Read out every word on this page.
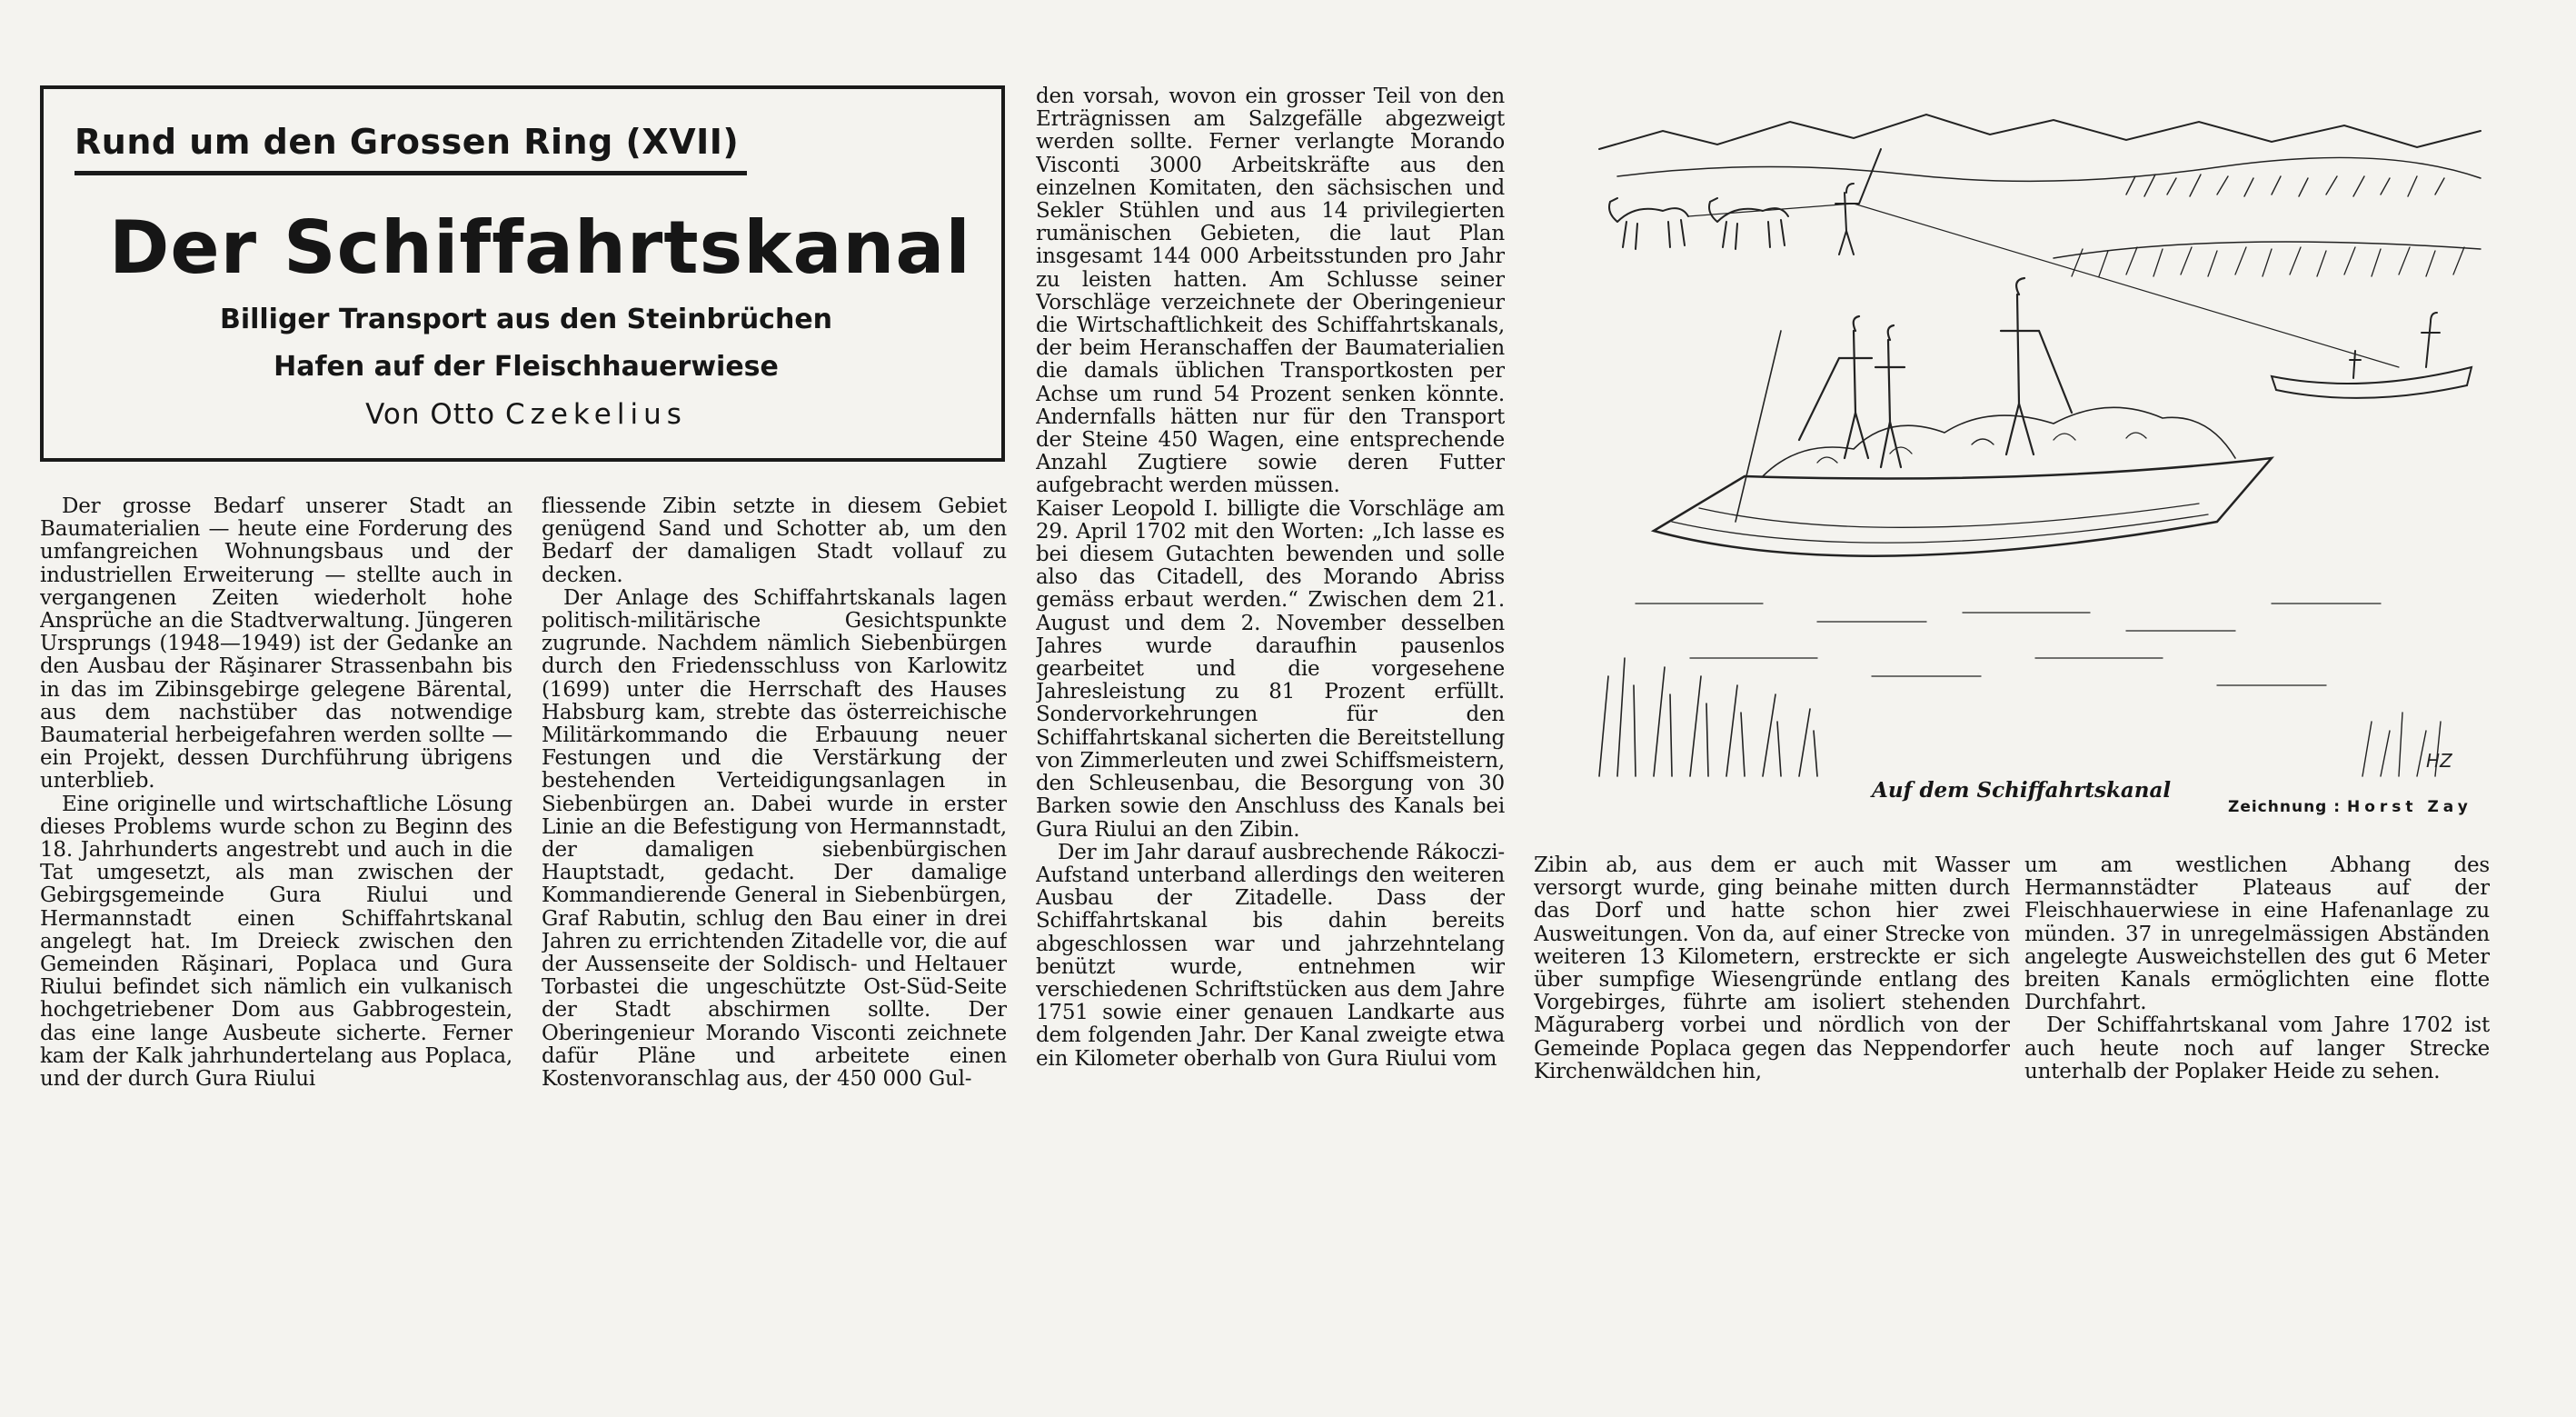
Rund um den Grossen Ring (XVII)
Der Schiffahrtskanal
Billiger Transport aus den Steinbrüchen
Hafen auf der Fleischhauerwiese
Von Otto Czekelius

Der grosse Bedarf unserer Stadt an Baumaterialien — heute eine Forderung des umfangreichen Wohnungsbaus und der industriellen Erweiterung — stellte auch in vergangenen Zeiten wiederholt hohe Ansprüche an die Stadtverwaltung. Jüngeren Ursprungs (1948—1949) ist der Gedanke an den Ausbau der Răşinarer Strassenbahn bis in das im Zibinsgebirge gelegene Bärental, aus dem nachstüber das notwendige Baumaterial herbeigefahren werden sollte — ein Projekt, dessen Durchführung übrigens unterblieb.

Eine originelle und wirtschaftliche Lösung dieses Problems wurde schon zu Beginn des 18. Jahrhunderts angestrebt und auch in die Tat umgesetzt, als man zwischen der Gebirgsgemeinde Gura Riului und Hermannstadt einen Schiffahrtskanal angelegt hat. Im Dreieck zwischen den Gemeinden Răşinari, Poplaca und Gura Riului befindet sich nämlich ein vulkanisch hochgetriebener Dom aus Gabbrogestein, das eine lange Ausbeute sicherte. Ferner kam der Kalk jahrhundertelang aus Poplaca, und der durch Gura Riului

fliessende Zibin setzte in diesem Gebiet genügend Sand und Schotter ab, um den Bedarf der damaligen Stadt vollauf zu decken.

Der Anlage des Schiffahrtskanals lagen politisch-militärische Gesichtspunkte zugrunde. Nachdem nämlich Siebenbürgen durch den Friedensschluss von Karlowitz (1699) unter die Herrschaft des Hauses Habsburg kam, strebte das österreichische Militärkommando die Erbauung neuer Festungen und die Verstärkung der bestehenden Verteidigungsanlagen in Siebenbürgen an. Dabei wurde in erster Linie an die Befestigung von Hermannstadt, der damaligen siebenbürgischen Hauptstadt, gedacht. Der damalige Kommandierende General in Siebenbürgen, Graf Rabutin, schlug den Bau einer in drei Jahren zu errichtenden Zitadelle vor, die auf der Aussenseite der Soldisch- und Heltauer Torbastei die ungeschützte Ost-Süd-Seite der Stadt abschirmen sollte. Der Oberingenieur Morando Visconti zeichnete dafür Pläne und arbeitete einen Kostenvoranschlag aus, der 450 000 Gul-

den vorsah, wovon ein grosser Teil von den Erträgnissen am Salzgefälle abgezweigt werden sollte. Ferner verlangte Morando Visconti 3000 Arbeitskräfte aus den einzelnen Komitaten, den sächsischen und Sekler Stühlen und aus 14 privilegierten rumänischen Gebieten, die laut Plan insgesamt 144 000 Arbeitsstunden pro Jahr zu leisten hatten. Am Schlusse seiner Vorschläge verzeichnete der Oberingenieur die Wirtschaftlichkeit des Schiffahrtskanals, der beim Heranschaffen der Baumaterialien die damals üblichen Transportkosten per Achse um rund 54 Prozent senken könnte. Andernfalls hätten nur für den Transport der Steine 450 Wagen, eine entsprechende Anzahl Zugtiere sowie deren Futter aufgebracht werden müssen.

Kaiser Leopold I. billigte die Vorschläge am 29. April 1702 mit den Worten: „Ich lasse es bei diesem Gutachten bewenden und solle also das Citadell, des Morando Abriss gemäss erbaut werden.“ Zwischen dem 21. August und dem 2. November desselben Jahres wurde daraufhin pausenlos gearbeitet und die vorgesehene Jahresleistung zu 81 Prozent erfüllt. Sondervorkehrungen für den Schiffahrtskanal sicherten die Bereitstellung von Zimmerleuten und zwei Schiffsmeistern, den Schleusenbau, die Besorgung von 30 Barken sowie den Anschluss des Kanals bei Gura Riului an den Zibin.

Der im Jahr darauf ausbrechende Rákoczi-Aufstand unterband allerdings den weiteren Ausbau der Zitadelle. Dass der Schiffahrtskanal bis dahin bereits abgeschlossen war und jahrzehntelang benützt wurde, entnehmen wir verschiedenen Schriftstücken aus dem Jahre 1751 sowie einer genauen Landkarte aus dem folgenden Jahr. Der Kanal zweigte etwa ein Kilometer oberhalb von Gura Riului vom

Zibin ab, aus dem er auch mit Wasser versorgt wurde, ging beinahe mitten durch das Dorf und hatte schon hier zwei Ausweitungen. Von da, auf einer Strecke von weiteren 13 Kilometern, erstreckte er sich über sumpfige Wiesengründe entlang des Vorgebirges, führte am isoliert stehenden Măguraberg vorbei und nördlich von der Gemeinde Poplaca gegen das Neppendorfer Kirchenwäldchen hin,

um am westlichen Abhang des Hermannstädter Plateaus auf der Fleischhauerwiese in eine Hafenanlage zu münden. 37 in unregelmässigen Abständen angelegte Ausweichstellen des gut 6 Meter breiten Kanals ermöglichten eine flotte Durchfahrt.

Der Schiffahrtskanal vom Jahre 1702 ist auch heute noch auf langer Strecke unterhalb der Poplaker Heide zu sehen.

HZ
Auf dem Schiffahrtskanal
Zeichnung : Horst Zay
